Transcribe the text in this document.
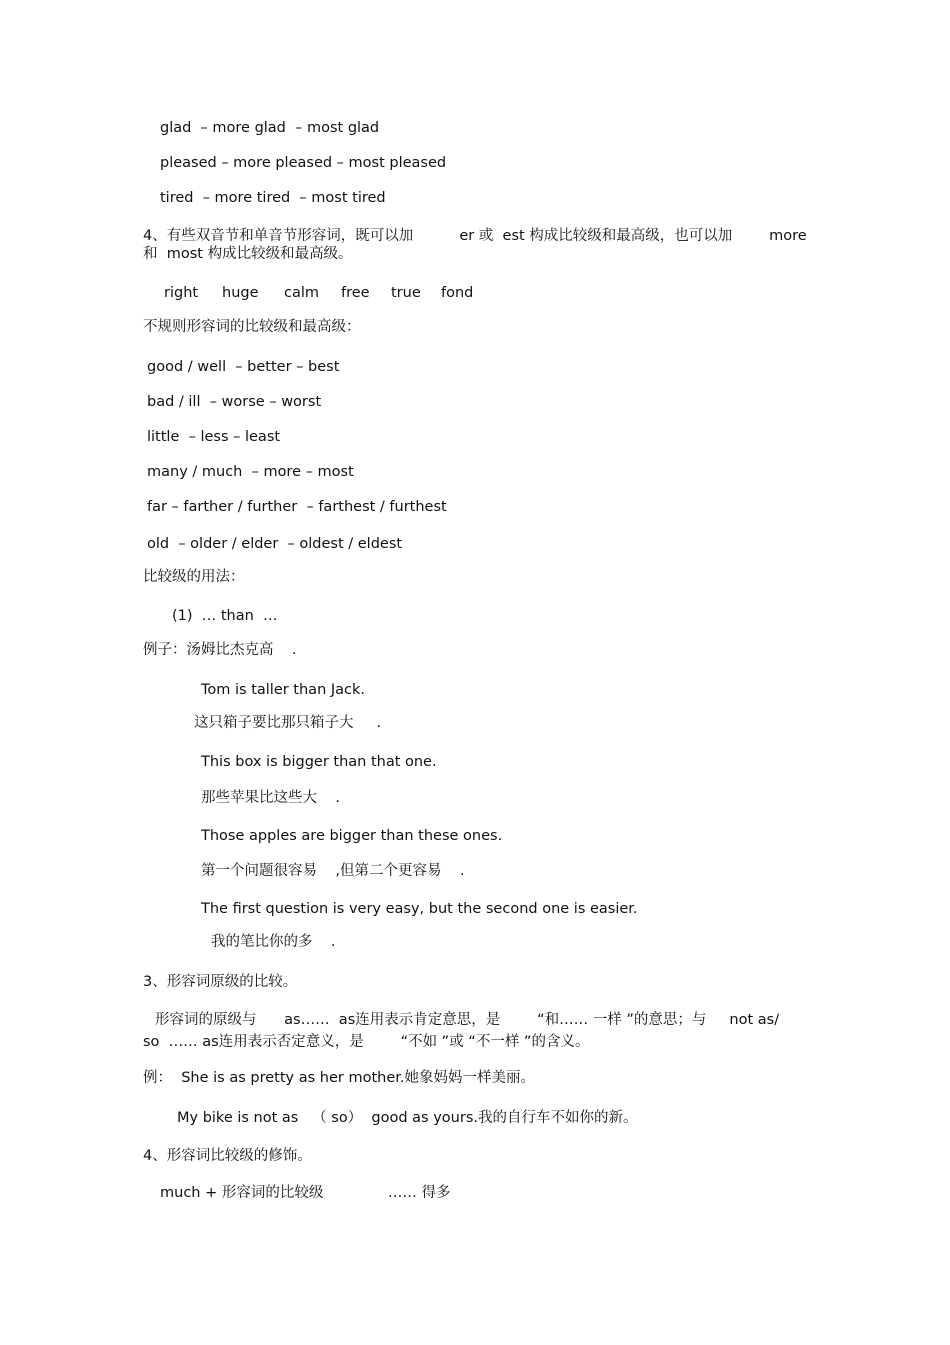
glad  – more glad  – most glad
pleased – more pleased – most pleased
tired  – more tired  – most tired
4、有些双音节和单音节形容词，既可以加          er 或  est 构成比较级和最高级，也可以加        more
和  most 构成比较级和最高级。
right huge calm free true fond
不规则形容词的比较级和最高级：
good / well  – better – best
bad / ill  – worse – worst
little  – less – least
many / much  – more – most
far – farther / further  – farthest / furthest
old  – older / elder  – oldest / eldest
比较级的用法：
(1)  … than  …
例子：汤姆比杰克高    .
Tom is taller than Jack.
这只箱子要比那只箱子大     .
This box is bigger than that one.
那些苹果比这些大    .
Those apples are bigger than these ones.
第一个问题很容易    ,但第二个更容易    .
The first question is very easy, but the second one is easier.
我的笔比你的多    .
3、形容词原级的比较。
形容词的原级与      as……  as连用表示肯定意思，是        “和…… 一样 ”的意思；与     not as/
so  …… as连用表示否定意义，是        “不如 ”或 “不一样 ”的含义。
例：  She is as pretty as her mother.她象妈妈一样美丽。
My bike is not as   （ so）  good as yours.我的自行车不如你的新。
4、形容词比较级的修饰。
much + 形容词的比较级              …… 得多
